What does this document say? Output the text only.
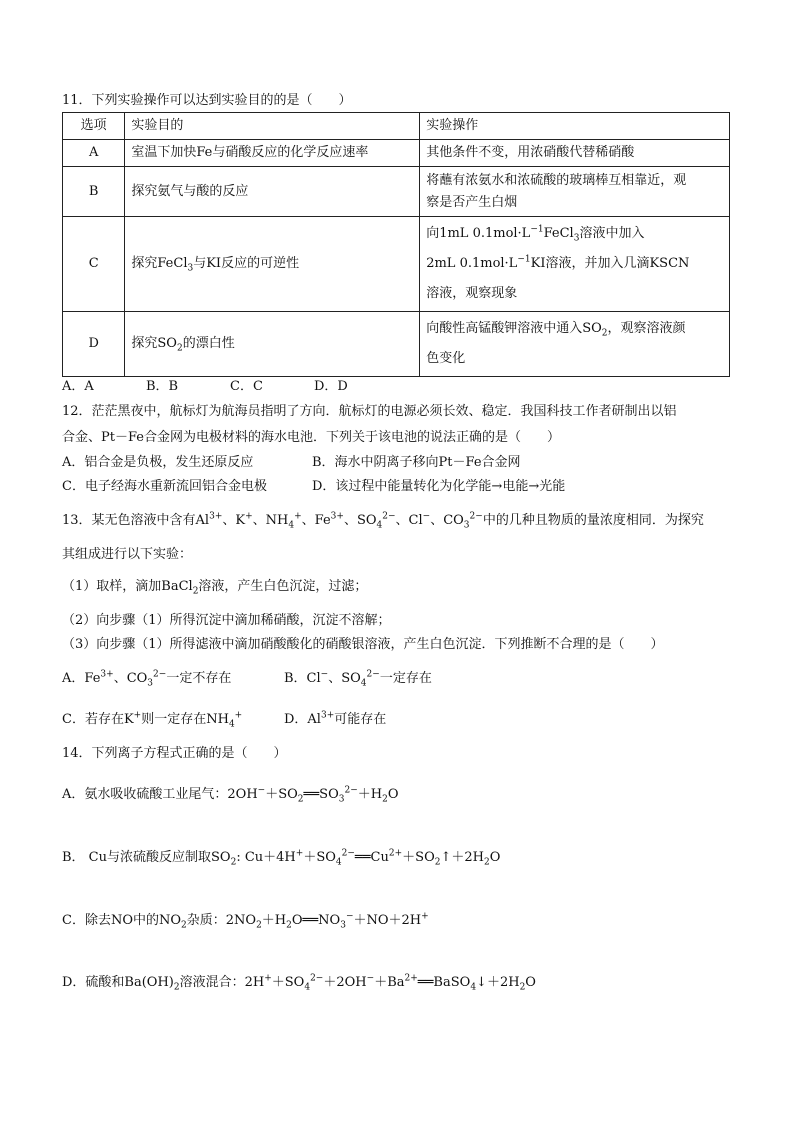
11．下列实验操作可以达到实验目的的是（　　）
选项	实验目的	实验操作
A	室温下加快Fe与硝酸反应的化学反应速率	其他条件不变，用浓硝酸代替稀硝酸
B	探究氨气与酸的反应	将蘸有浓氨水和浓硫酸的玻璃棒互相靠近，观
察是否产生白烟
C	探究FeCl$_3$与KI反应的可逆性	向1mL $0.1mol\cdot L^{-1}FeCl_3$溶液中加入
2mL $0.1mol\cdot L^{-1}KI$溶液，并加入几滴KSCN
溶液，观察现象
D	探究$SO_2$的漂白性	向酸性高锰酸钾溶液中通入$SO_2$，观察溶液颜
色变化
A．A	B．B	C．C	D．D
12．茫茫黑夜中，航标灯为航海员指明了方向．航标灯的电源必须长效、稳定．我国科技工作者研制出以铝
合金、Pt－Fe合金网为电极材料的海水电池．下列关于该电池的说法正确的是（　　）
A．铝合金是负极，发生还原反应	B．海水中阴离子移向Pt－Fe合金网
C．电子经海水重新流回铝合金电极	D．该过程中能量转化为化学能→电能→光能
13．某无色溶液中含有$Al^{3+}$、K+、$NH_4^+$、$Fe^{3+}$、$SO_4^{2-}$、Cl−、$CO_3^{2-}$中的几种且物质的量浓度相同．为探究
其组成进行以下实验：
（1）取样，滴加BaCl$_2$溶液，产生白色沉淀，过滤；
（2）向步骤（1）所得沉淀中滴加稀硝酸，沉淀不溶解；
（3）向步骤（1）所得滤液中滴加硝酸酸化的硝酸银溶液，产生白色沉淀．下列推断不合理的是（　　）
A．$Fe^{3+}$、$CO_3^{2-}$一定不存在	B．Cl−、$SO_4^{2-}$一定存在
C．若存在K+则一定存在$NH_4^+$	D．$Al^{3+}$可能存在
14．下列离子方程式正确的是（　　）
A．氨水吸收硫酸工业尾气：$2OH^-+SO_2══SO_3^{2-}+H_2O$
B． Cu与浓硫酸反应制取$SO_2$: $Cu+4H^++SO_4^{2-}══Cu^{2+}+SO_2↑+2H_2O$
C．除去NO中的$NO_2$杂质：$2NO_2+H_2O══NO_3^-+NO+2H^+$
D．硫酸和$Ba(OH)_2$溶液混合：$2H^++SO_4^{2-}+2OH^-+Ba^{2+}══BaSO_4↓+2H_2O$
